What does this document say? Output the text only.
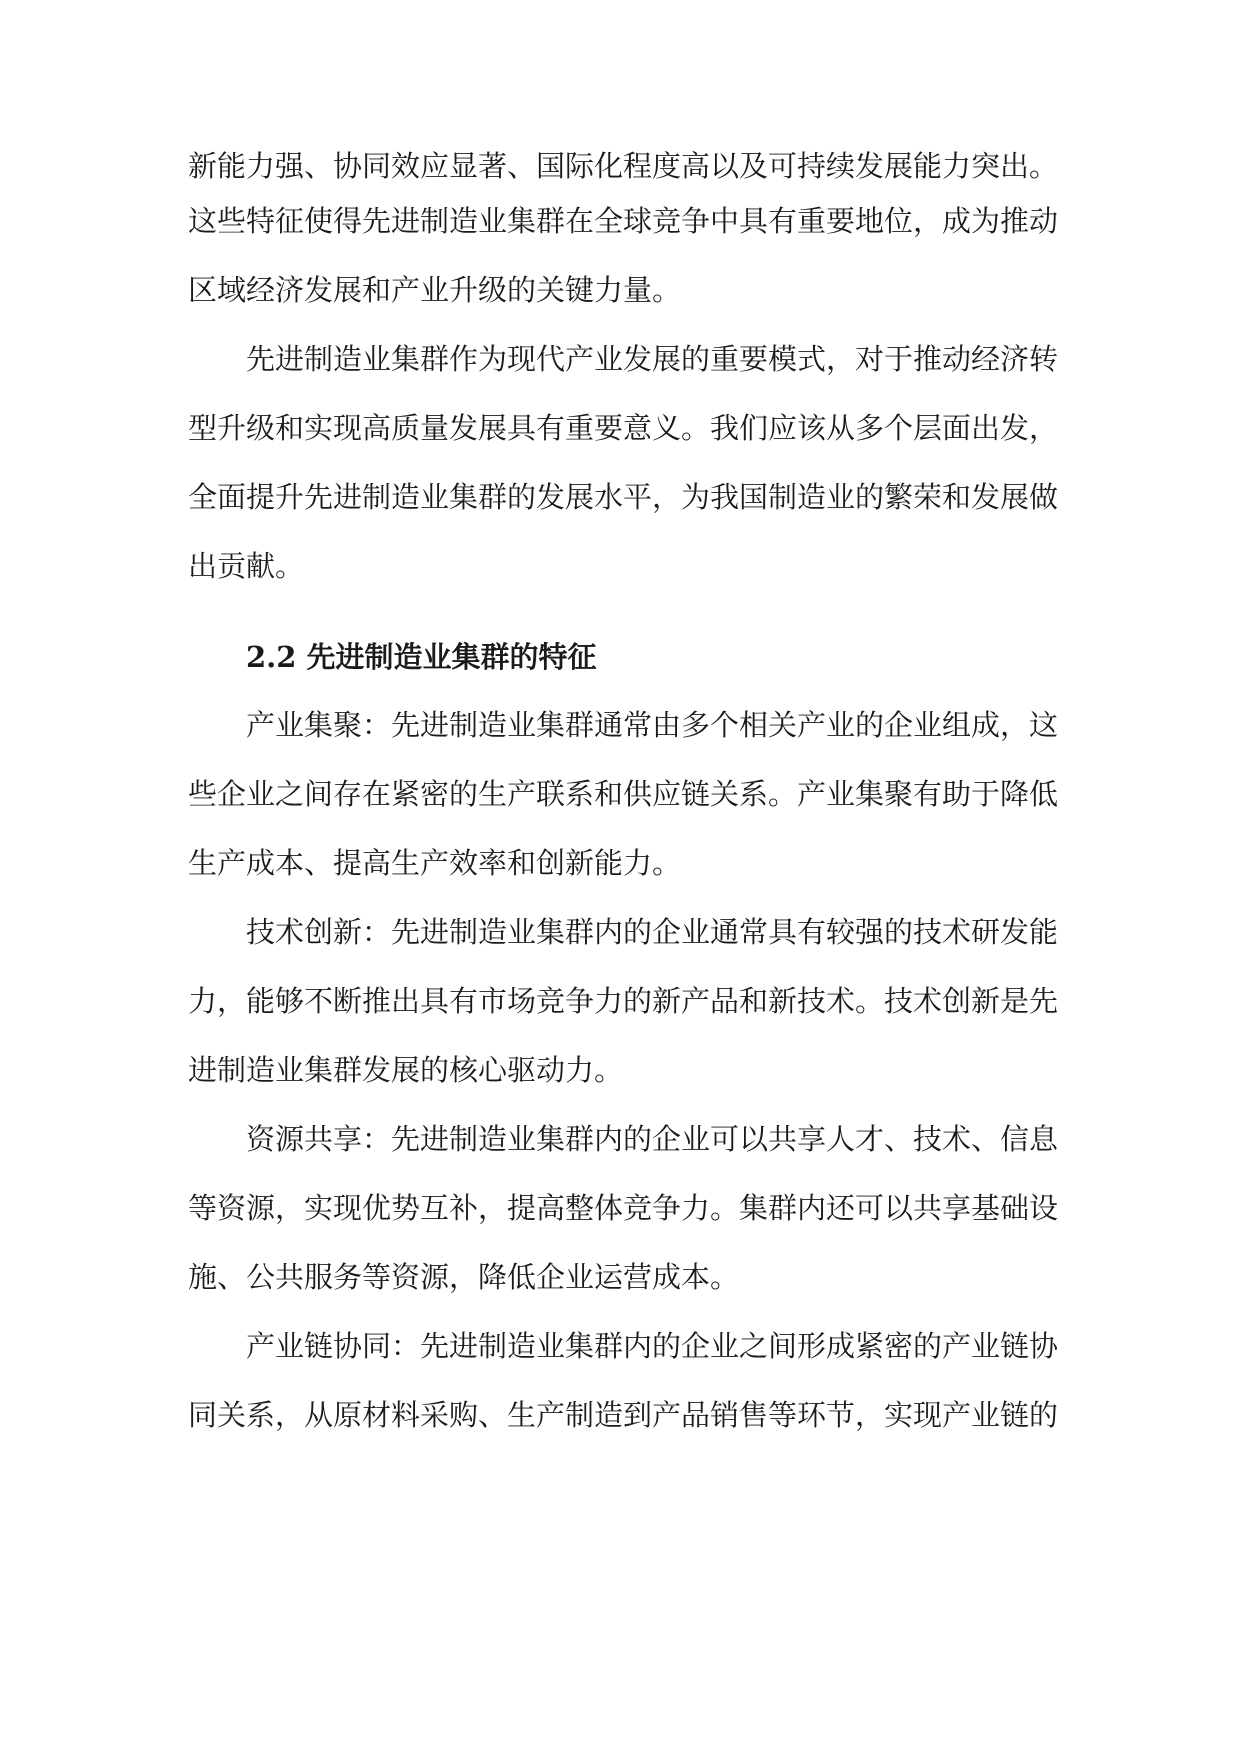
新能力强、协同效应显著、国际化程度高以及可持续发展能力突出。
这些特征使得先进制造业集群在全球竞争中具有重要地位，成为推动
区域经济发展和产业升级的关键力量。
先进制造业集群作为现代产业发展的重要模式，对于推动经济转
型升级和实现高质量发展具有重要意义。我们应该从多个层面出发，
全面提升先进制造业集群的发展水平，为我国制造业的繁荣和发展做
出贡献。
2.2 先进制造业集群的特征
产业集聚：先进制造业集群通常由多个相关产业的企业组成，这
些企业之间存在紧密的生产联系和供应链关系。产业集聚有助于降低
生产成本、提高生产效率和创新能力。
技术创新：先进制造业集群内的企业通常具有较强的技术研发能
力，能够不断推出具有市场竞争力的新产品和新技术。技术创新是先
进制造业集群发展的核心驱动力。
资源共享：先进制造业集群内的企业可以共享人才、技术、信息
等资源，实现优势互补，提高整体竞争力。集群内还可以共享基础设
施、公共服务等资源，降低企业运营成本。
产业链协同：先进制造业集群内的企业之间形成紧密的产业链协
同关系，从原材料采购、生产制造到产品销售等环节，实现产业链的
